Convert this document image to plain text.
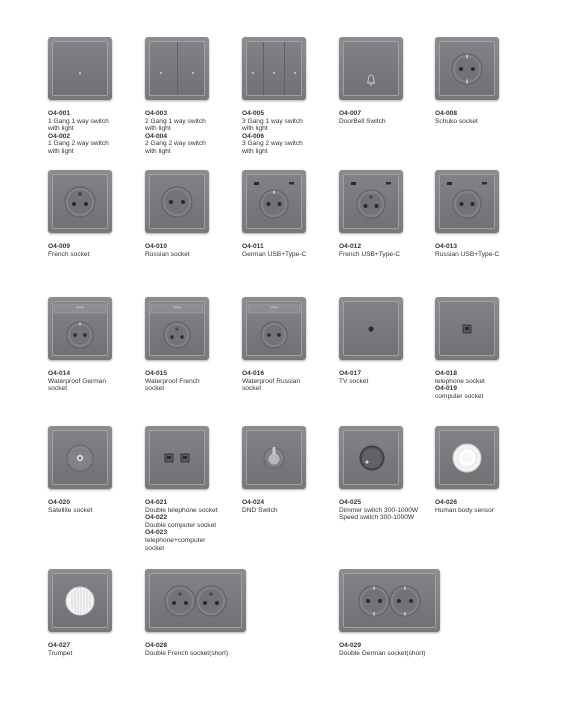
O4-001
1 Gang 1 way switch
with light
O4-002
1 Gang 2 way switch
with light
O4-003
2 Gang 1 way switch
with light
O4-004
2 Gang 2 way switch
with light
O4-005
3 Gang 1 way switch
with light
O4-006
3 Gang 2 way switch
with light
O4-007
DoorBell Switch
O4-008
Schuko socket
O4-009
French socket
O4-010
Russian socket
O4-011
German USB+Type-C
O4-012
French USB+Type-C
O4-013
Russian USB+Type-C
O4-014
Waterproof German
socket
O4-015
Waterproof French
socket
O4-016
Waterproof Russian
socket
O4-017
TV socket
O4-018
telephone socket
O4-019
computer socket
O4-020
Satellite socket
O4-021
Double telephone socket
O4-022
Double computer socket
O4-023
telephone+computer
socket
O4-024
DND Switch
O4-025
Dimmer switch 300-1000W
Speed switch 300-1000W
O4-026
Human body sensor
O4-027
Trumpet
O4-028
Double French socket(short)
O4-029
Double German socket(short)
